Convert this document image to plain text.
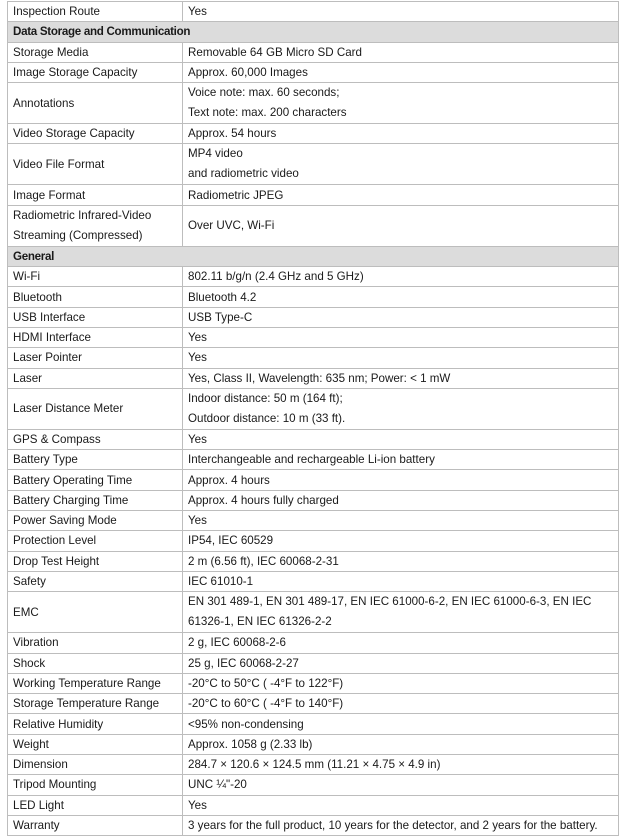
Inspection Route	Yes
Data Storage and Communication	
Storage Media	Removable 64 GB Micro SD Card
Image Storage Capacity	Approx. 60,000 Images
Annotations	Voice note: max. 60 seconds;
Text note: max. 200 characters

Video Storage Capacity	Approx. 54 hours
Video File Format	MP4 video
and radiometric video

Image Format	Radiometric JPEG

Radiometric Infrared-Video
Streaming (Compressed)	Over UVC, Wi-Fi
General	
Wi-Fi	802.11 b/g/n (2.4 GHz and 5 GHz)
Bluetooth	Bluetooth 4.2
USB Interface	USB Type-C
HDMI Interface	Yes
Laser Pointer	Yes
Laser	Yes, Class II, Wavelength: 635 nm; Power: < 1 mW
Laser Distance Meter	Indoor distance: 50 m (164 ft);
Outdoor distance: 10 m (33 ft).

GPS & Compass	Yes
Battery Type	Interchangeable and rechargeable Li-ion battery
Battery Operating Time	Approx. 4 hours
Battery Charging Time	Approx. 4 hours fully charged
Power Saving Mode	Yes
Protection Level	IP54, IEC 60529
Drop Test Height	2 m (6.56 ft), IEC 60068-2-31
Safety	IEC 61010-1
EMC	EN 301 489-1, EN 301 489-17, EN IEC 61000-6-2, EN IEC 61000-6-3, EN IEC
61326-1, EN IEC 61326-2-2

Vibration	2 g, IEC 60068-2-6
Shock	25 g, IEC 60068-2-27
Working Temperature Range	-20°C to 50°C ( -4°F to 122°F)
Storage Temperature Range	-20°C to 60°C ( -4°F to 140°F)
Relative Humidity	<95% non-condensing
Weight	Approx. 1058 g (2.33 lb)
Dimension	284.7 × 120.6 × 124.5 mm (11.21 × 4.75 × 4.9 in)
Tripod Mounting	UNC ¼"-20
LED Light	Yes
Warranty	3 years for the full product, 10 years for the detector, and 2 years for the battery.
